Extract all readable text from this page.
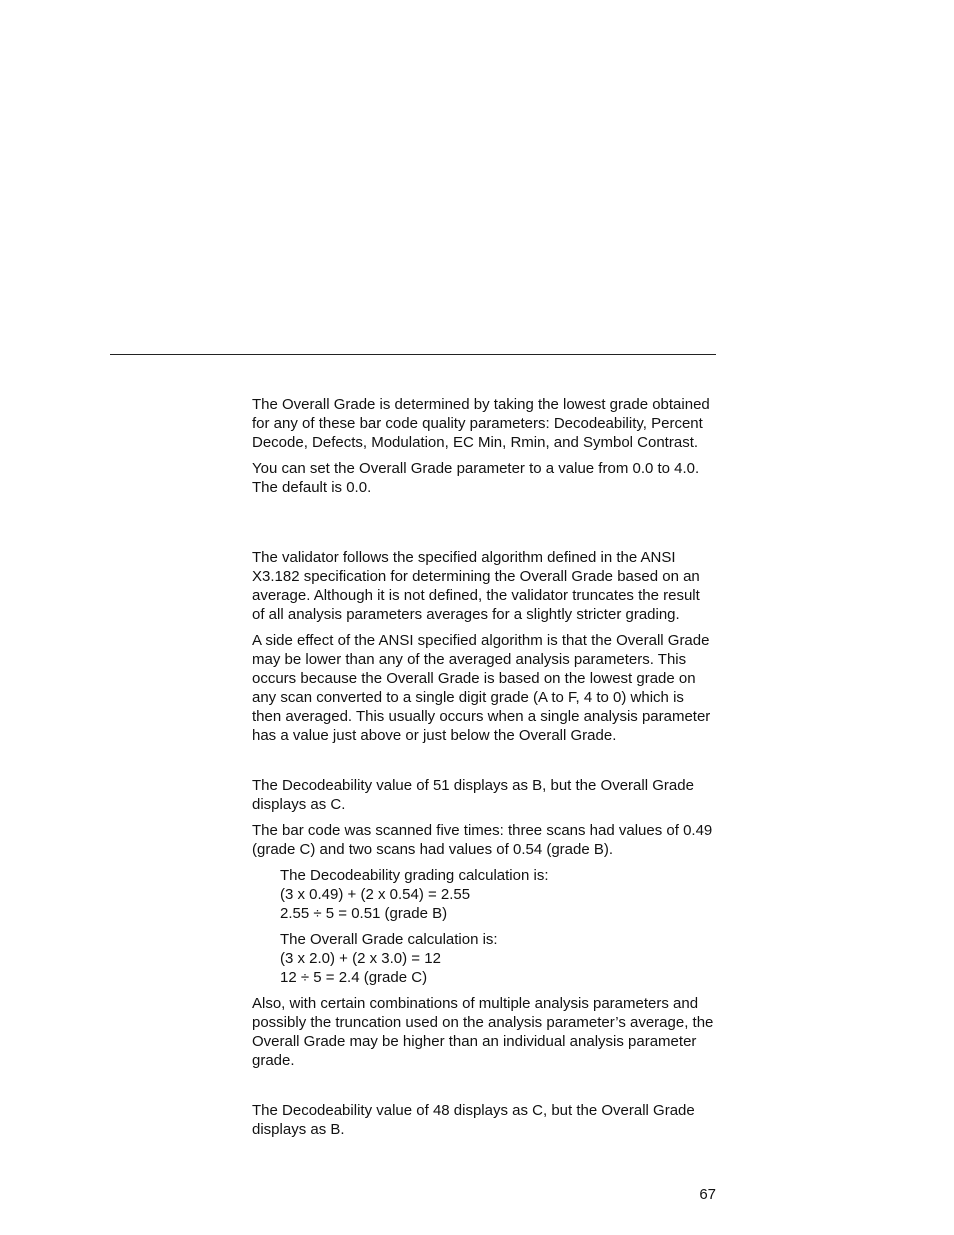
The Overall Grade is determined by taking the lowest grade obtained for any of these bar code quality parameters: Decodeability, Percent Decode, Defects, Modulation, EC Min, Rmin, and Symbol Contrast.

You can set the Overall Grade parameter to a value from 0.0 to 4.0. The default is 0.0.

The validator follows the specified algorithm defined in the ANSI X3.182 specification for determining the Overall Grade based on an average. Although it is not defined, the validator truncates the result of all analysis parameters averages for a slightly stricter grading.

A side effect of the ANSI specified algorithm is that the Overall Grade may be lower than any of the averaged analysis parameters. This occurs because the Overall Grade is based on the lowest grade on any scan converted to a single digit grade (A to F, 4 to 0) which is then averaged. This usually occurs when a single analysis parameter has a value just above or just below the Overall Grade.

The Decodeability value of 51 displays as B, but the Overall Grade displays as C.

The bar code was scanned five times: three scans had values of 0.49 (grade C) and two scans had values of 0.54 (grade B).

The Decodeability grading calculation is:
(3 x 0.49) + (2 x 0.54) = 2.55
2.55 ÷ 5 = 0.51 (grade B)
The Overall Grade calculation is:
(3 x 2.0) + (2 x 3.0) = 12
12 ÷ 5 = 2.4 (grade C)

Also, with certain combinations of multiple analysis parameters and possibly the truncation used on the analysis parameter’s average, the Overall Grade may be higher than an individual analysis parameter grade.

The Decodeability value of 48 displays as C, but the Overall Grade displays as B.

67
